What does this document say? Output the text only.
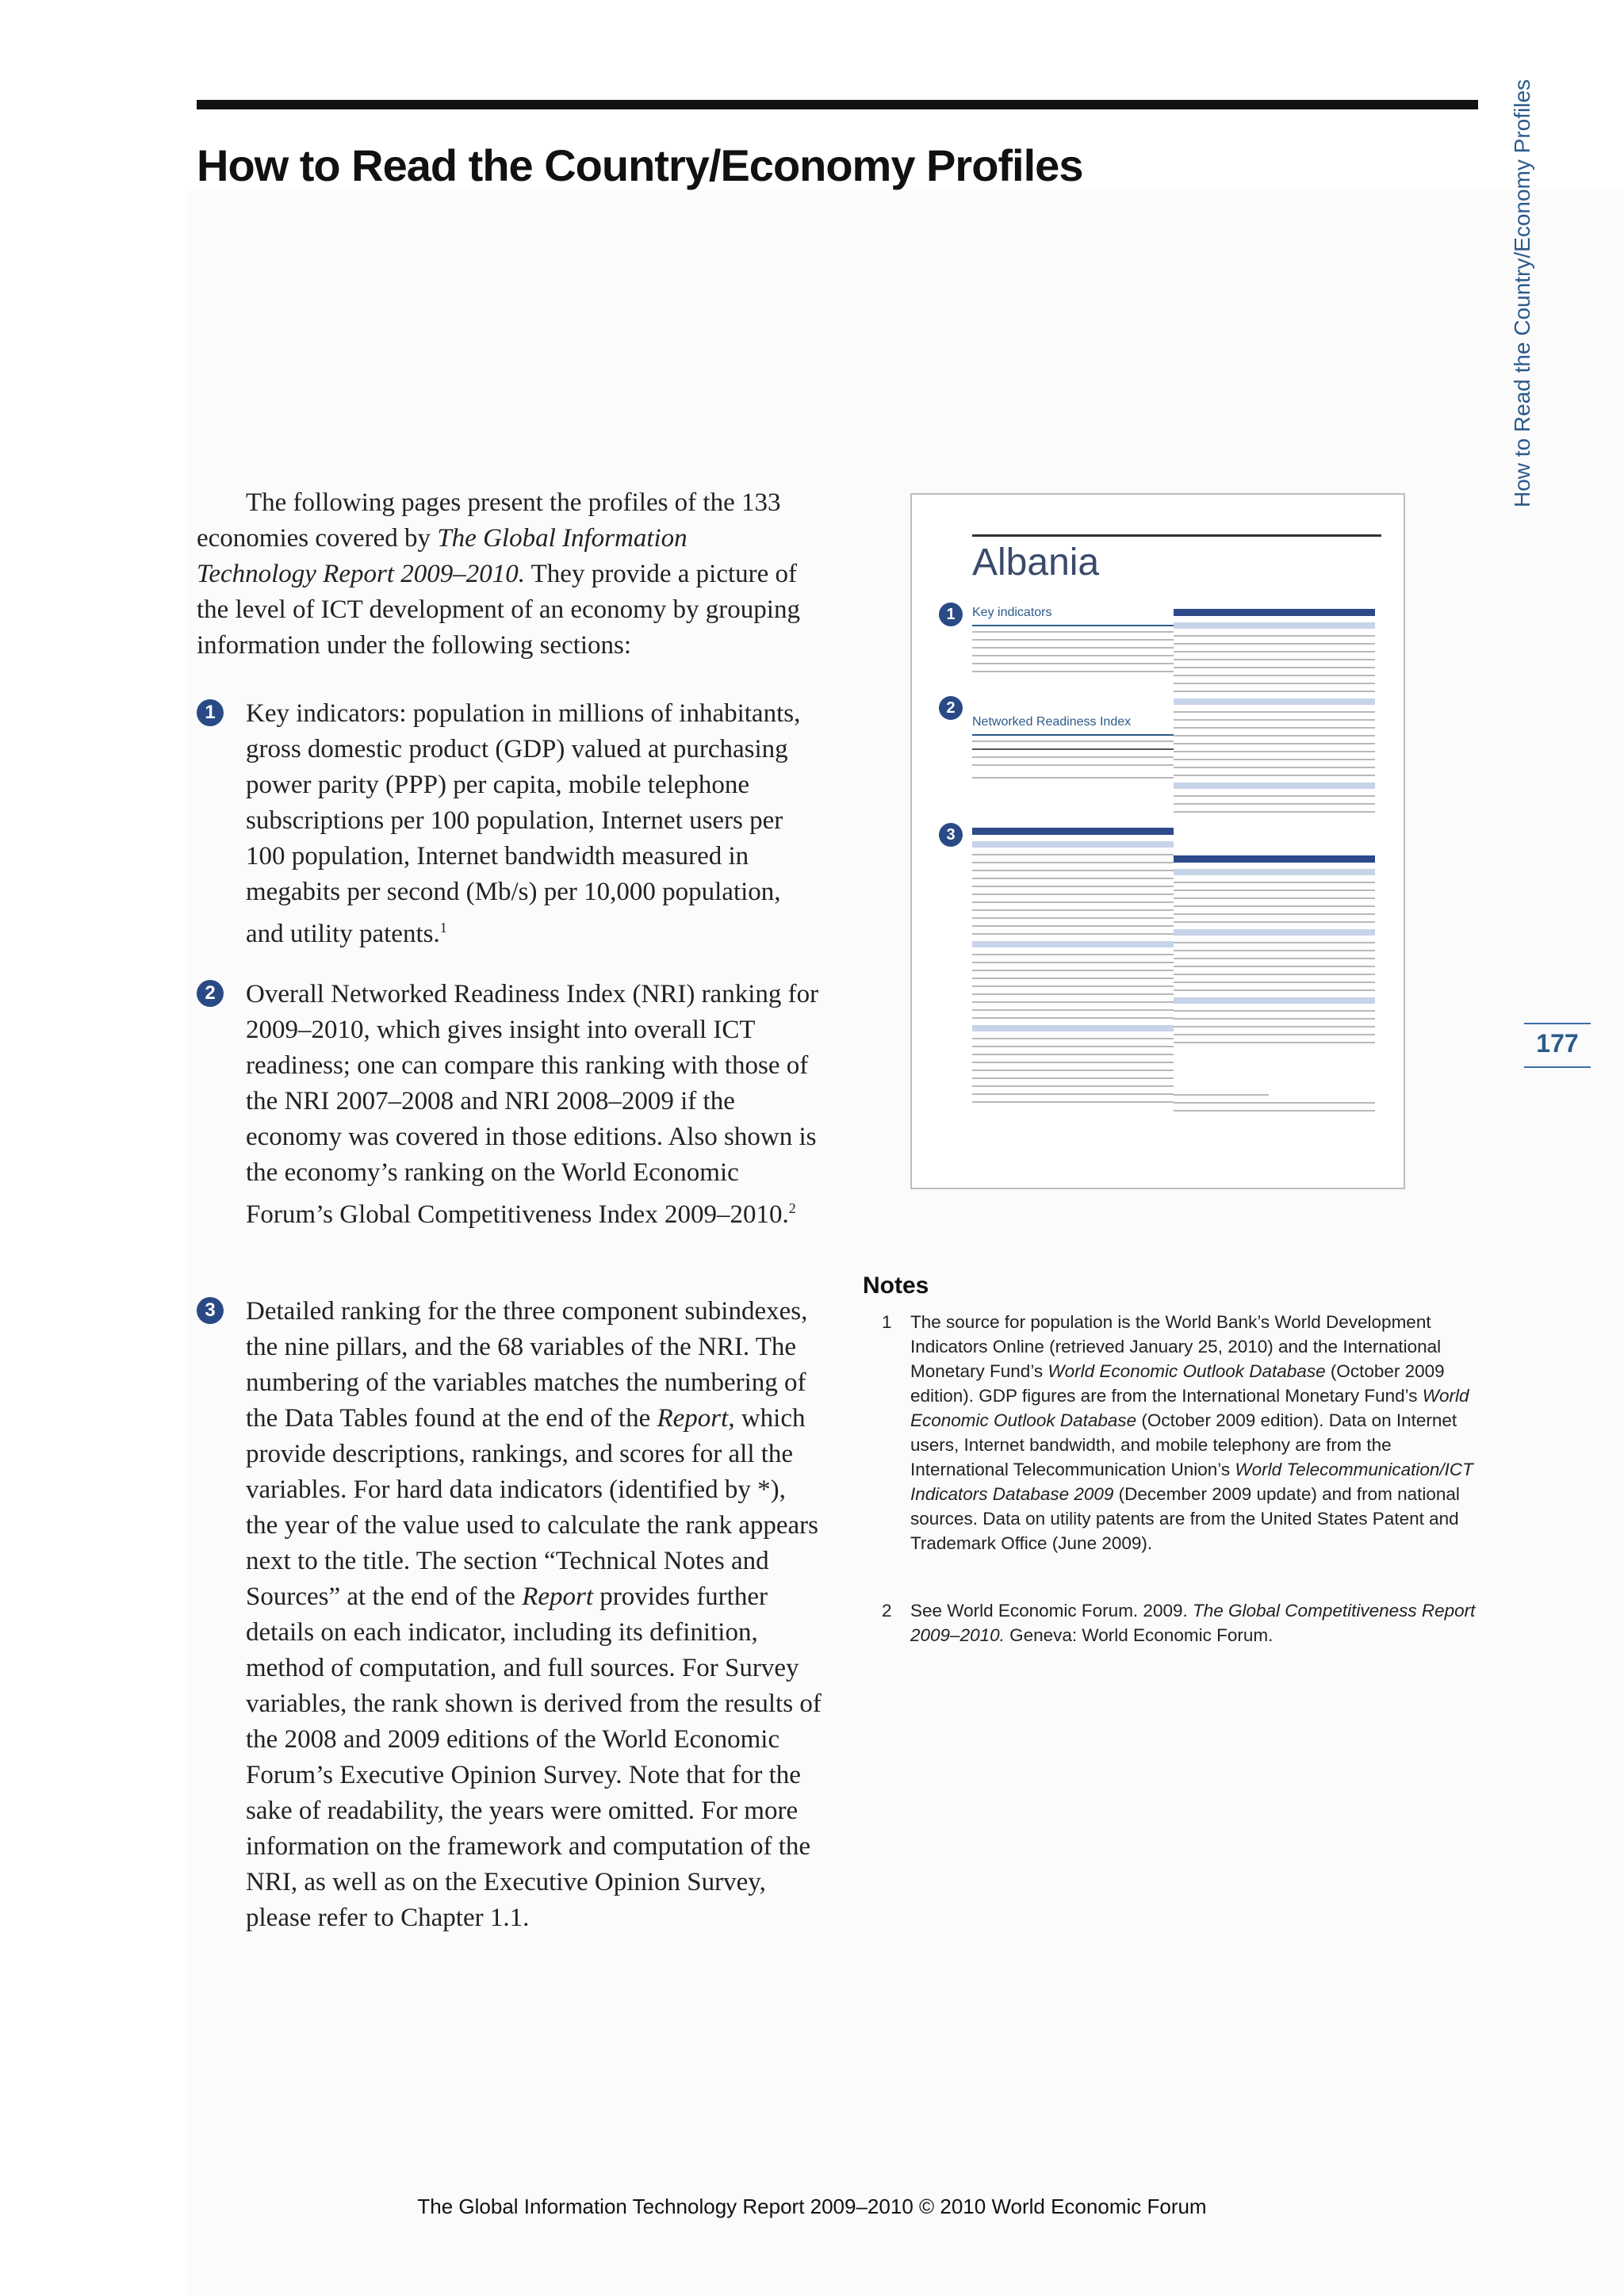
How to Read the Country/Economy Profiles	How to Read the Country/Economy Profiles
177

The following pages present the profiles of the 133 economies covered by The Global Information Technology Report 2009–2010. They provide a picture of the level of ICT development of an economy by grouping information under the following sections:

1	Key indicators: population in millions of inhabitants, gross domestic product (GDP) valued at purchasing power parity (PPP) per capita, mobile telephone subscriptions per 100 population, Internet users per 100 population, Internet bandwidth measured in megabits per second (Mb/s) per 10,000 population, and utility patents.$^1$

2	Overall Networked Readiness Index (NRI) ranking for 2009–2010, which gives insight into overall ICT readiness; one can compare this ranking with those of the NRI 2007–2008 and NRI 2008–2009 if the economy was covered in those editions. Also shown is the economy’s ranking on the World Economic Forum’s Global Competitiveness Index 2009–2010.$^2$

3	Detailed ranking for the three component subindexes, the nine pillars, and the 68 variables of the NRI. The numbering of the variables matches the numbering of the Data Tables found at the end of the Report, which provide descriptions, rankings, and scores for all the variables. For hard data indicators (identified by *), the year of the value used to calculate the rank appears next to the title. The section “Technical Notes and Sources” at the end of the Report provides further details on each indicator, including its definition, method of computation, and full sources. For Survey variables, the rank shown is derived from the results of the 2008 and 2009 editions of the World Economic Forum’s Executive Opinion Survey. Note that for the sake of readability, the years were omitted. For more information on the framework and computation of the NRI, as well as on the Executive Opinion Survey, please refer to Chapter 1.1.

Albania
1	Key indicators
2
Networked Readiness Index
3
Notes
1 The source for population is the World Bank’s World Development Indicators Online (retrieved January 25, 2010) and the International Monetary Fund’s World Economic Outlook Database (October 2009 edition). GDP figures are from the International Monetary Fund’s World Economic Outlook Database (October 2009 edition). Data on Internet users, Internet bandwidth, and mobile telephony are from the International Telecommunication Union’s World Telecommunication/ICT Indicators Database 2009 (December 2009 update) and from national sources. Data on utility patents are from the United States Patent and Trademark Office (June 2009).

2 See World Economic Forum. 2009. The Global Competitiveness Report 2009–2010. Geneva: World Economic Forum.

The Global Information Technology Report 2009–2010 © 2010 World Economic Forum
